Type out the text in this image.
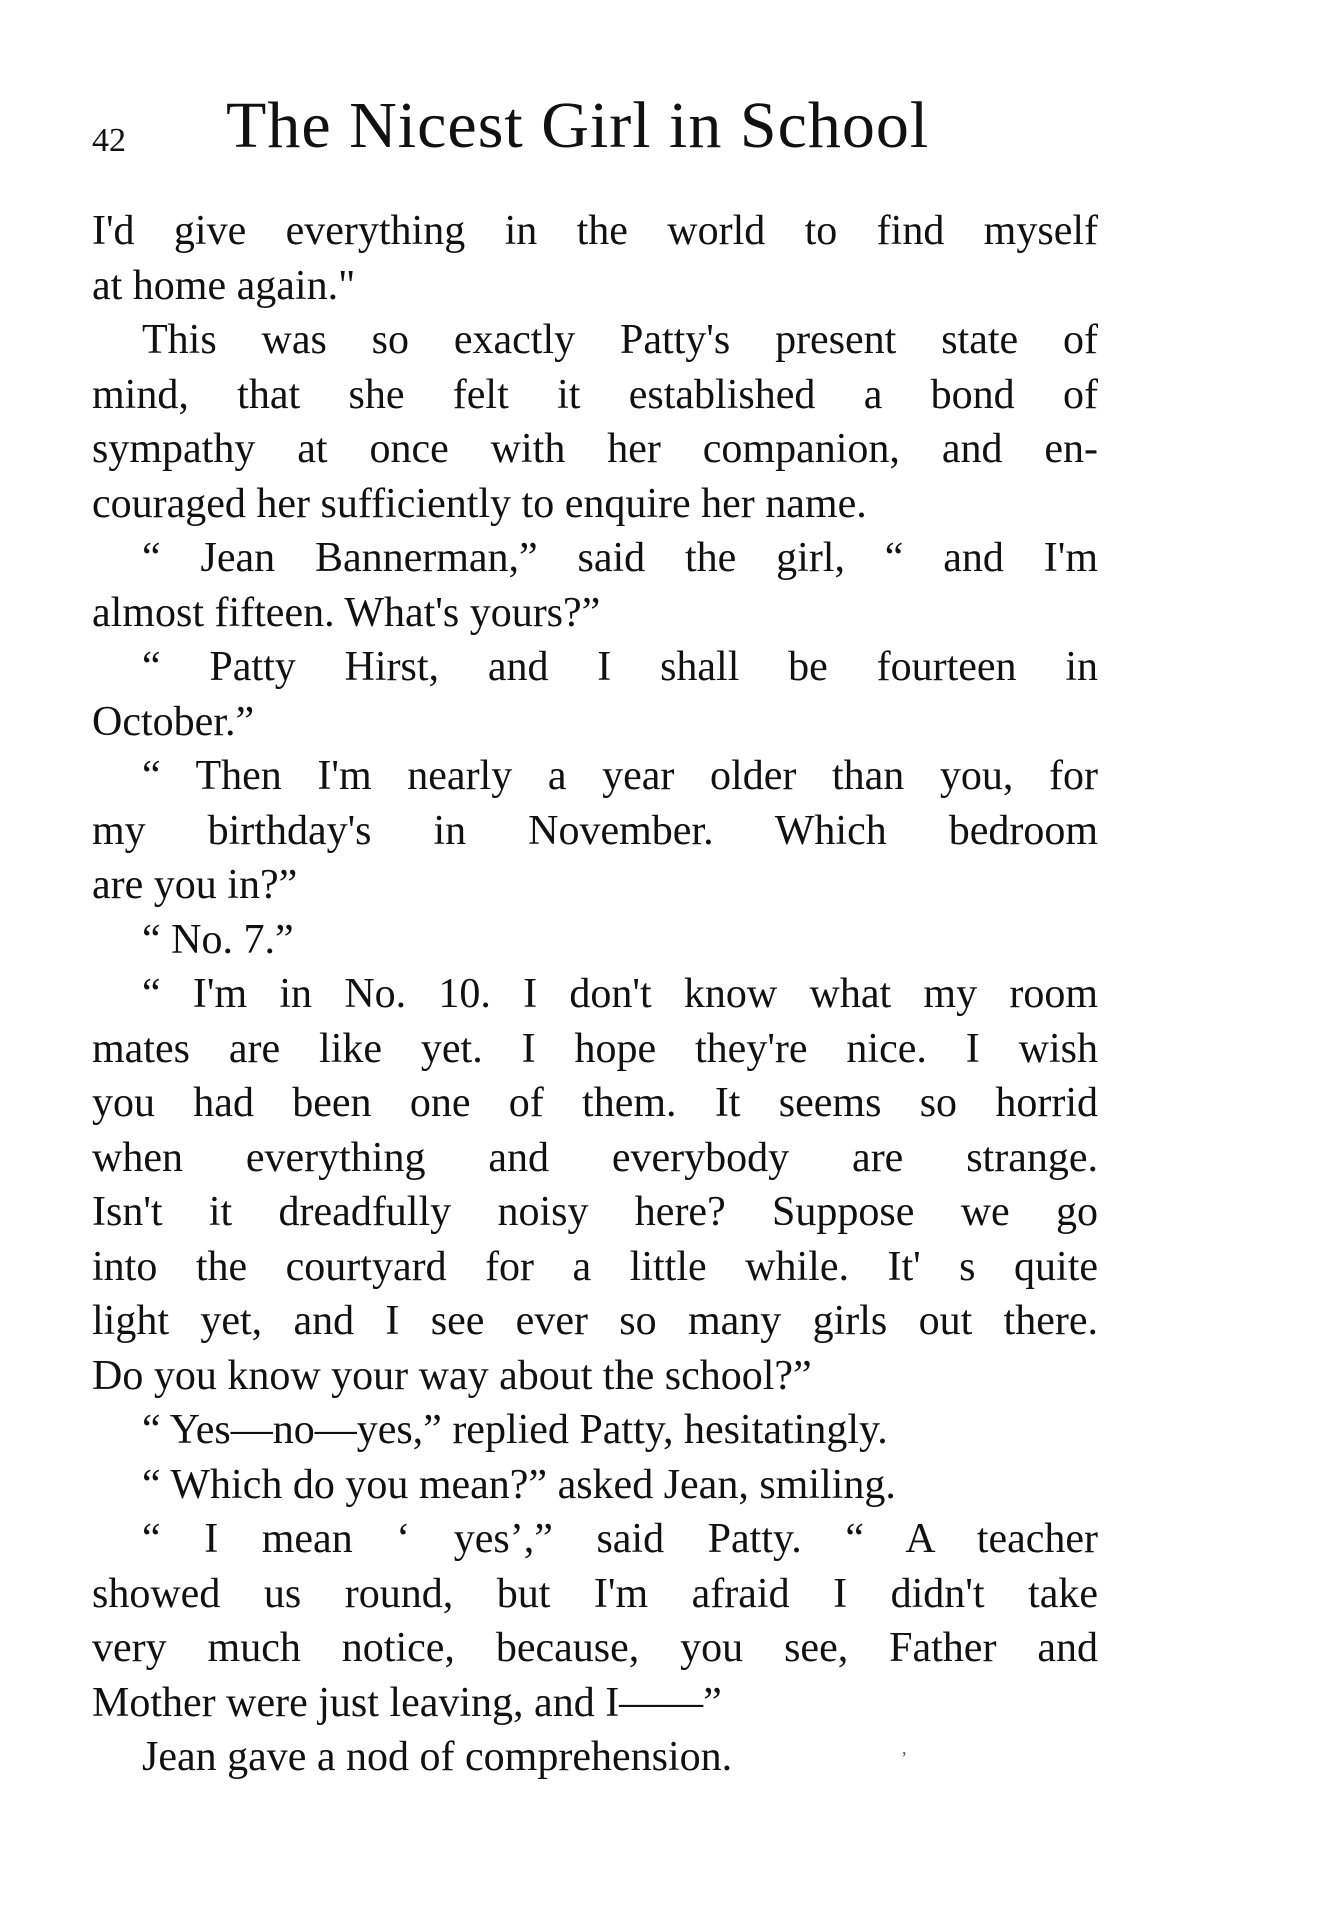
42 The Nicest Girl in School
I'd give everything in the world to find myself
at home again."
This was so exactly Patty's present state of
mind, that she felt it established a bond of
sympathy at once with her companion, and en-
couraged her sufficiently to enquire her name.
“ Jean Bannerman,” said the girl, “ and I'm
almost fifteen. What's yours?”
“ Patty Hirst, and I shall be fourteen in
October.”
“ Then I'm nearly a year older than you, for
my birthday's in November. Which bedroom
are you in?”
“ No. 7.”
“ I'm in No. 10. I don't know what my room
mates are like yet. I hope they're nice. I wish
you had been one of them. It seems so horrid
when everything and everybody are strange.
Isn't it dreadfully noisy here? Suppose we go
into the courtyard for a little while. It' s quite
light yet, and I see ever so many girls out there.
Do you know your way about the school?”
“ Yes—no—yes,” replied Patty, hesitatingly.
“ Which do you mean?” asked Jean, smiling.
“ I mean ‘ yes’,” said Patty. “ A teacher
showed us round, but I'm afraid I didn't take
very much notice, because, you see, Father and
Mother were just leaving, and I——”
Jean gave a nod of comprehension.	,
